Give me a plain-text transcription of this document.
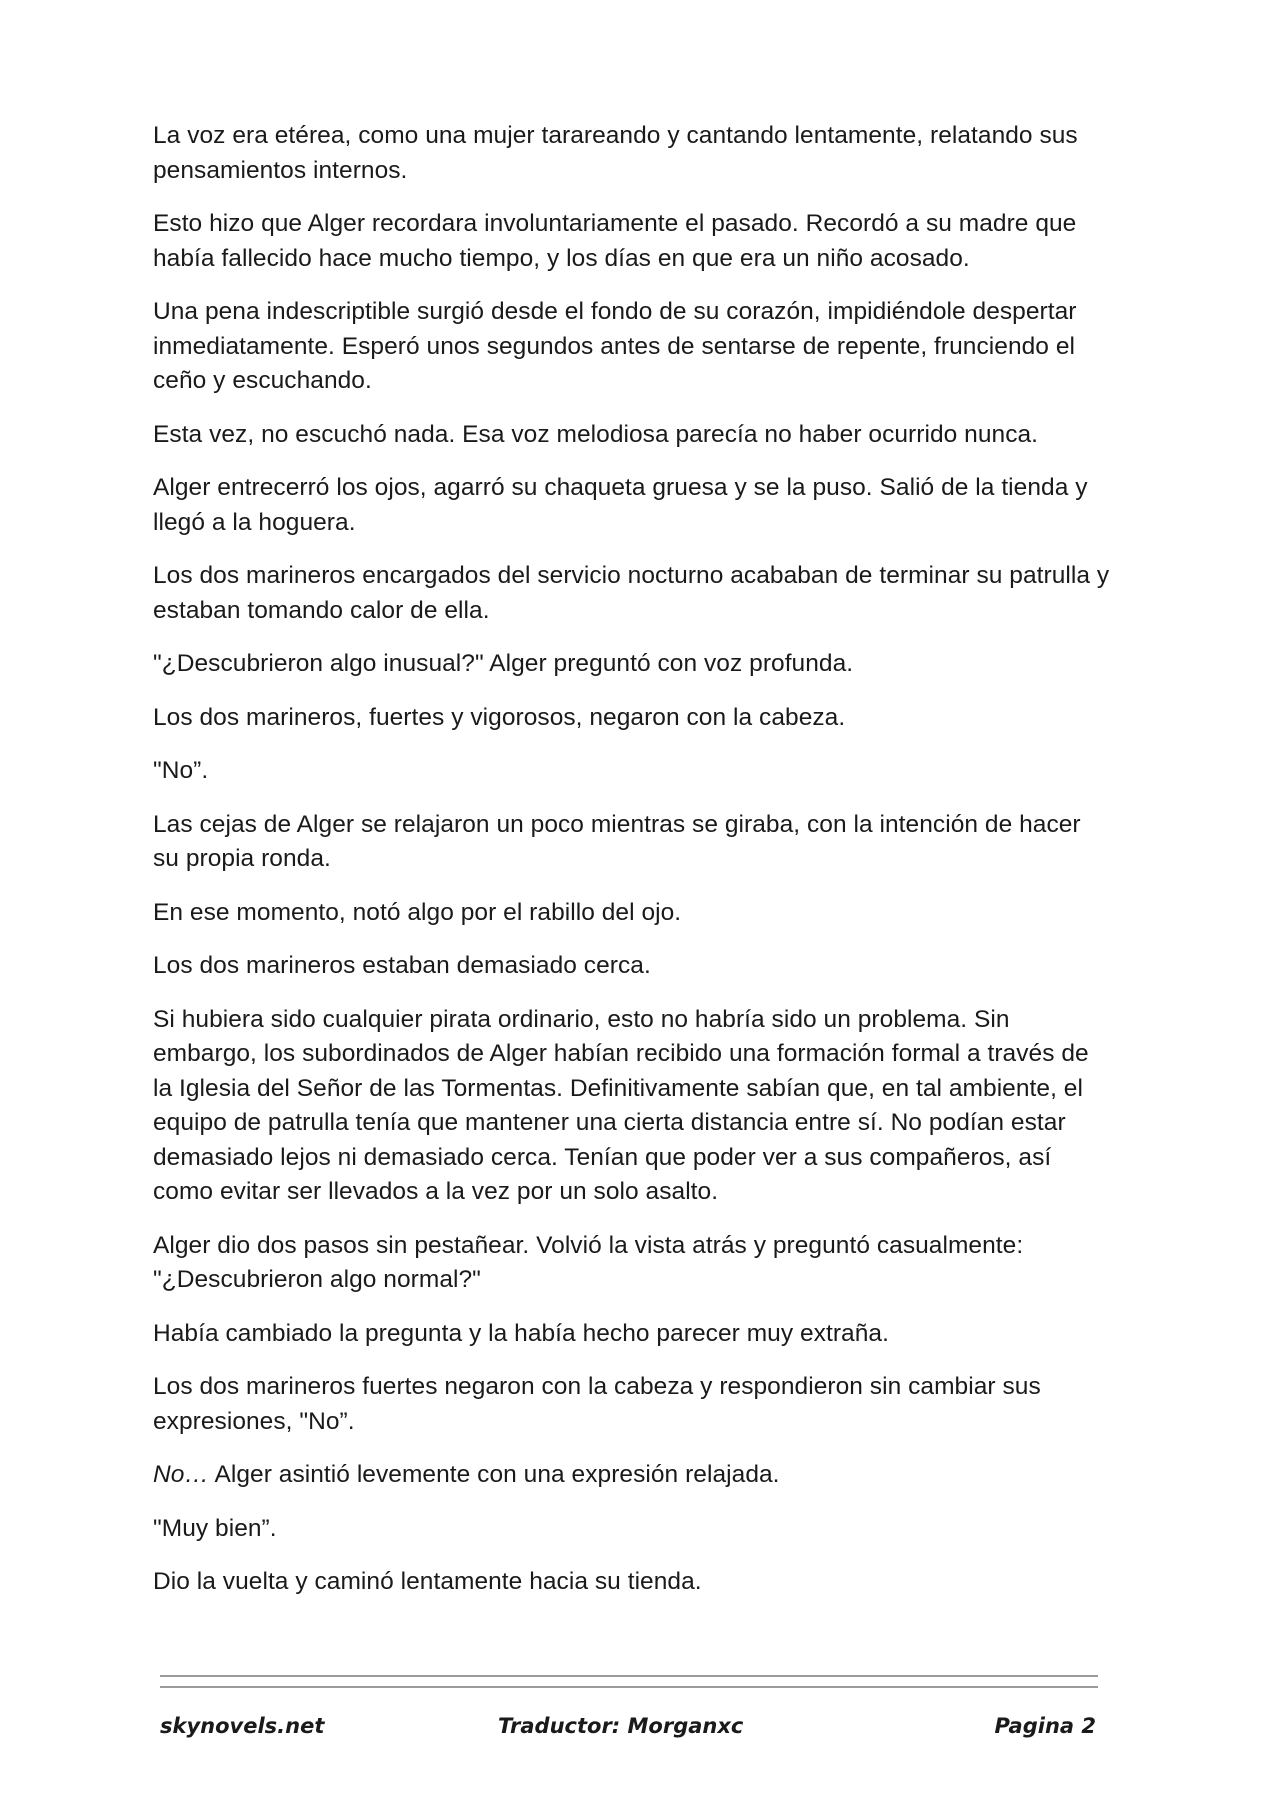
La voz era etérea, como una mujer tarareando y cantando lentamente, relatando sus pensamientos internos.

Esto hizo que Alger recordara involuntariamente el pasado. Recordó a su madre que había fallecido hace mucho tiempo, y los días en que era un niño acosado.

Una pena indescriptible surgió desde el fondo de su corazón, impidiéndole despertar inmediatamente. Esperó unos segundos antes de sentarse de repente, frunciendo el ceño y escuchando.

Esta vez, no escuchó nada. Esa voz melodiosa parecía no haber ocurrido nunca.

Alger entrecerró los ojos, agarró su chaqueta gruesa y se la puso. Salió de la tienda y llegó a la hoguera.

Los dos marineros encargados del servicio nocturno acababan de terminar su patrulla y estaban tomando calor de ella.

"¿Descubrieron algo inusual?" Alger preguntó con voz profunda.

Los dos marineros, fuertes y vigorosos, negaron con la cabeza.

"No”.

Las cejas de Alger se relajaron un poco mientras se giraba, con la intención de hacer su propia ronda.

En ese momento, notó algo por el rabillo del ojo.

Los dos marineros estaban demasiado cerca.

Si hubiera sido cualquier pirata ordinario, esto no habría sido un problema. Sin embargo, los subordinados de Alger habían recibido una formación formal a través de la Iglesia del Señor de las Tormentas. Definitivamente sabían que, en tal ambiente, el equipo de patrulla tenía que mantener una cierta distancia entre sí. No podían estar demasiado lejos ni demasiado cerca. Tenían que poder ver a sus compañeros, así como evitar ser llevados a la vez por un solo asalto.

Alger dio dos pasos sin pestañear. Volvió la vista atrás y preguntó casualmente: "¿Descubrieron algo normal?"

Había cambiado la pregunta y la había hecho parecer muy extraña.

Los dos marineros fuertes negaron con la cabeza y respondieron sin cambiar sus expresiones, "No”.

No… Alger asintió levemente con una expresión relajada.

"Muy bien”.

Dio la vuelta y caminó lentamente hacia su tienda.

skynovels.net	Traductor: Morganxc	Pagina 2
